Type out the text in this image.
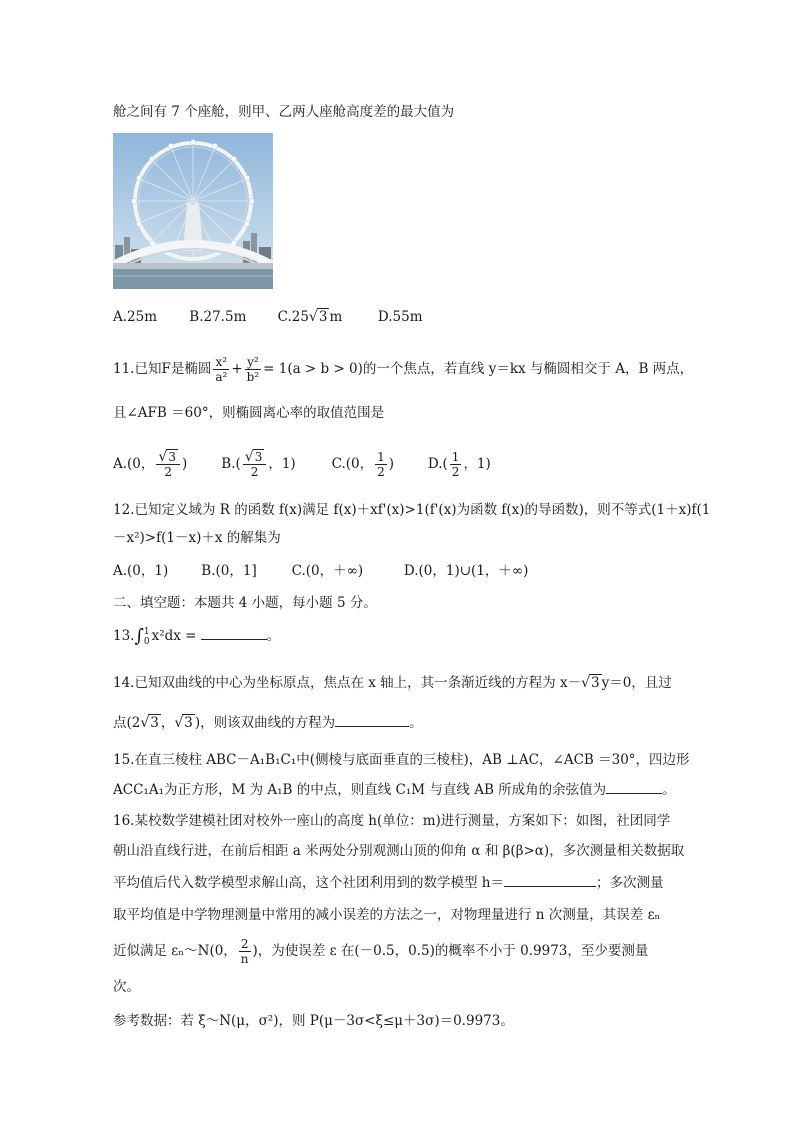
舱之间有 7 个座舱，则甲、乙两人座舱高度差的最大值为
A.25m B.27.5m C.25√3 m	D.55m
11.已知F是椭圆 $\frac{\text{x²}}{\text{a²}} + \frac{\text{y²}}{\text{b²}} = 1(a > b > 0)$的一个焦点，若直线 y＝kx 与椭圆相交于 A，B 两点，
且∠AFB ＝60°，则椭圆离心率的取值范围是
A.(0， $\frac{√3}{2}$ )	$B.( \frac{√3}{2}$ ，1)	C.(0， $\frac{1}{2}$ )	$D.( \frac{1}{2}$ ，1)
12.已知定义域为 R 的函数 f(x)满足 f(x)＋xf'(x)>1(f'(x)为函数 f(x)的导函数)，则不等式(1＋x)f(1
－x²)>f(1－x)＋x 的解集为
A.(0，1) B.(0，1]	C.(0，＋∞)	D.(0，1)∪(1，＋∞)
二、填空题：本题共 4 小题，每小题 5 分。
13.∫ 1
0 x²dx =	。
14.已知双曲线的中心为坐标原点，焦点在 x 轴上，其一条渐近线的方程为 x－√3 y＝0，且过
点(2√3 ，√3 )，则该双曲线的方程为	。
15.在直三棱柱 ABC－A₁B₁C₁中(侧棱与底面垂直的三棱柱)，AB ⊥AC，∠ACB ＝30°，四边形
ACC₁A₁为正方形，M 为 A₁B 的中点，则直线 C₁M 与直线 AB 所成角的余弦值为	。
16.某校数学建模社团对校外一座山的高度 h(单位：m)进行测量，方案如下：如图，社团同学
朝山沿直线行进，在前后相距 a 米两处分别观测山顶的仰角 α 和 β(β>α)，多次测量相关数据取
平均值后代入数学模型求解山高，这个社团利用到的数学模型 h＝	；多次测量
取平均值是中学物理测量中常用的减小误差的方法之一，对物理量进行 n 次测量，其误差 εₙ
近似满足 εₙ～N(0， $\frac{2}{n}$ )，为使误差 ε 在(－0.5，0.5)的概率不小于 0.9973，至少要测量
次。
参考数据：若 ξ～N(μ，σ²)，则 P(μ－3σ<ξ≤μ＋3σ)＝0.9973。
